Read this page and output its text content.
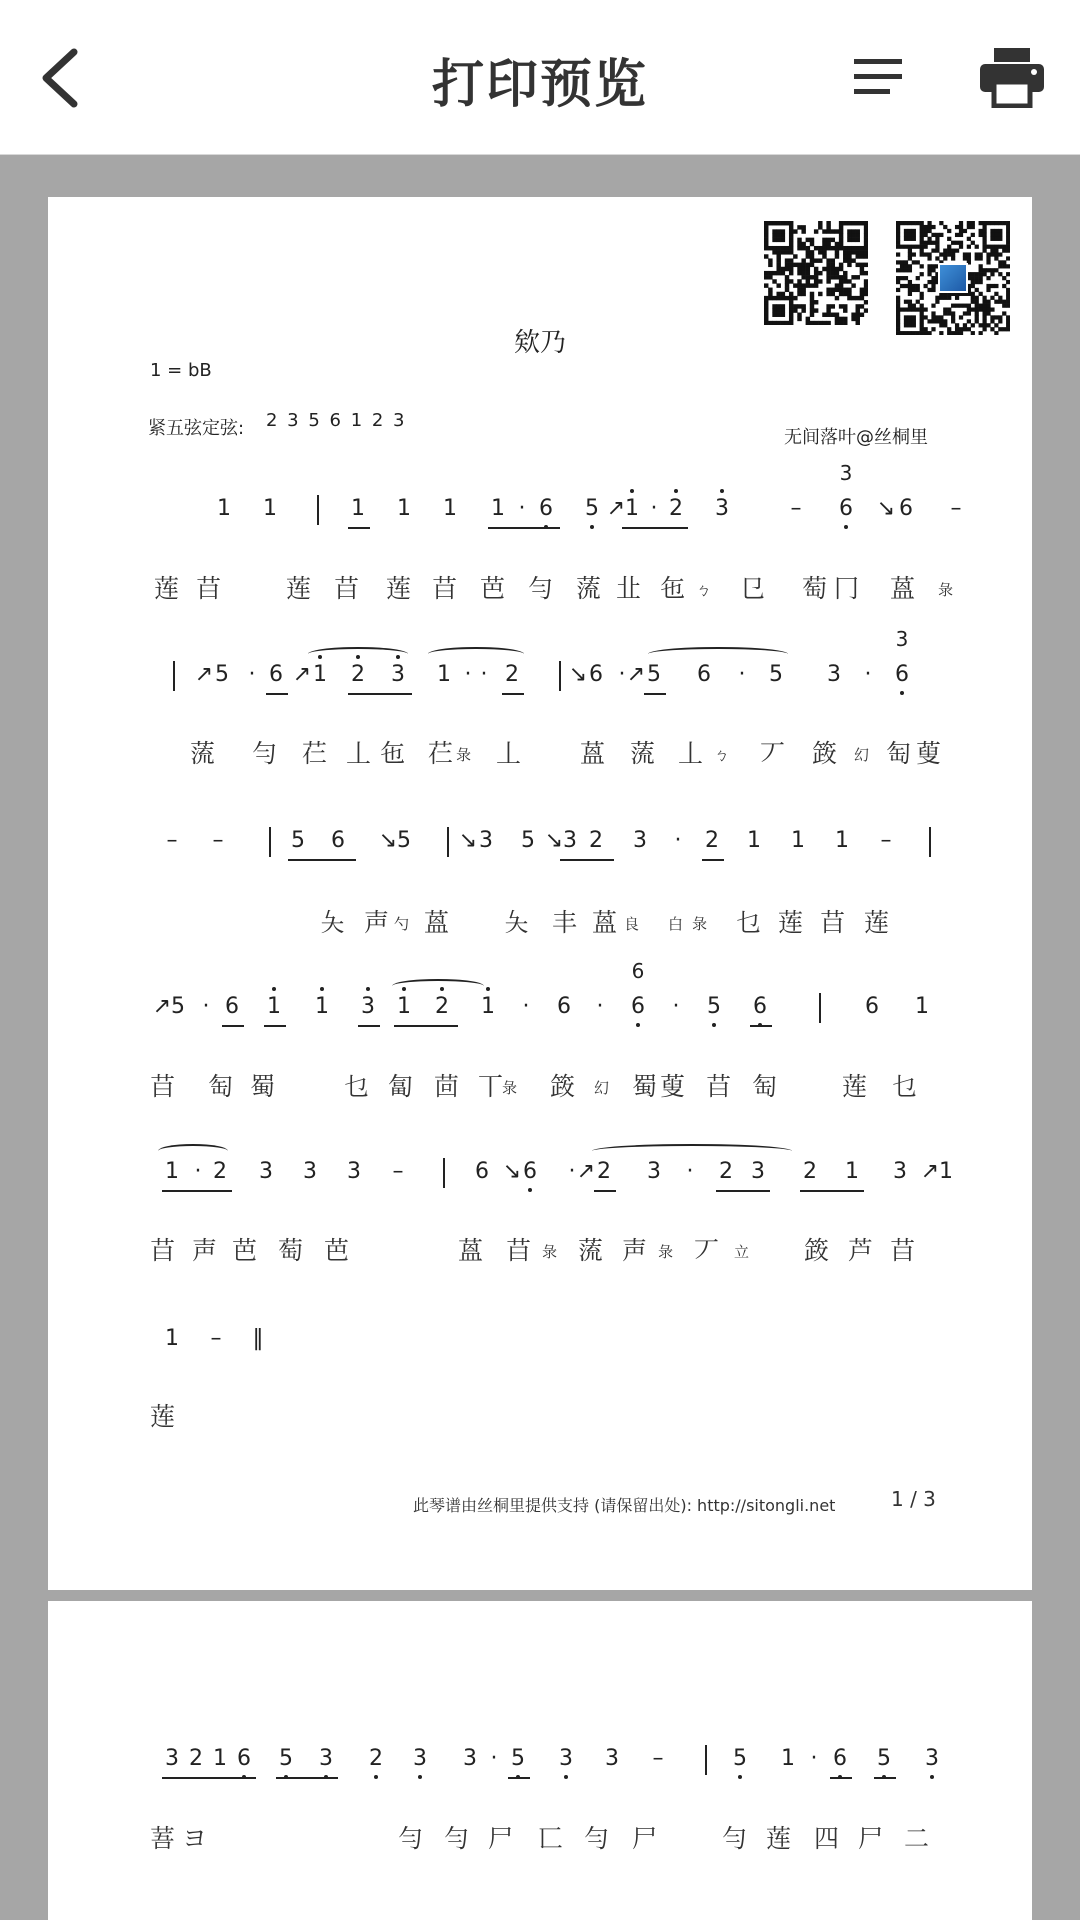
打印预览
欸乃
1 = bB
紧五弦定弦: 2 3 5 6 1 2 3
无间落叶@丝桐里
1	1	1	1	1	1 · 6	5 ↗ 1 · 2	3	–	6
3
↘ 6	–
莲 䒤	莲 䒤 莲 䒤 芭 勻 蓅 㐀 㐌 ㄅ 㔾 萄 冂 蒕 彔
↗ 5 · 6 ↗ 1	2	3	1 · · 2	↘ 6 · ↗ 5	6	·	5	3	·	6
3
蓅 勻 芢 丄 㐌 芢 彔 丄 蒕 蓅 丄 ㄅ 丆 䈣 幻 匋 蓃
–	–	5	6	↘ 5	↘ 3	5 ↘ 3 2	3	·	2	1	1	1	–
夨 声 勺 蒕 夨 丰 蒕 良 白 彔 乜 莲 䒤 莲
↗ 5 · 6	1	1	3	1	2	1	·	6	·	6
6
·	5	6	6	1
䒤 匋 蜀	乜 匐 茴 丅
彔 䈣 幻 蜀 蓃 䒤 匋	莲 乜
1 · 2	3	3	3	–	6 ↘ 6	· ↗ 2	3	·	2 3	2	1	3 ↗ 1
䒤 声 芭 萄 芭	蒕 䒤 彔 蓅 声 彔 丆 立 䈣 芦 䒤
1	–	‖
莲
此琴谱由丝桐里提供支持 (请保留出处): http://sitongli.net	1 / 3
3 2 1 6	5	3	2	3	3 · 5	3	3	–	5	1 · 6	5	3
䓊 ヨ	勻 勻 尸 匸 勻 尸	勻 莲 四 尸 二
